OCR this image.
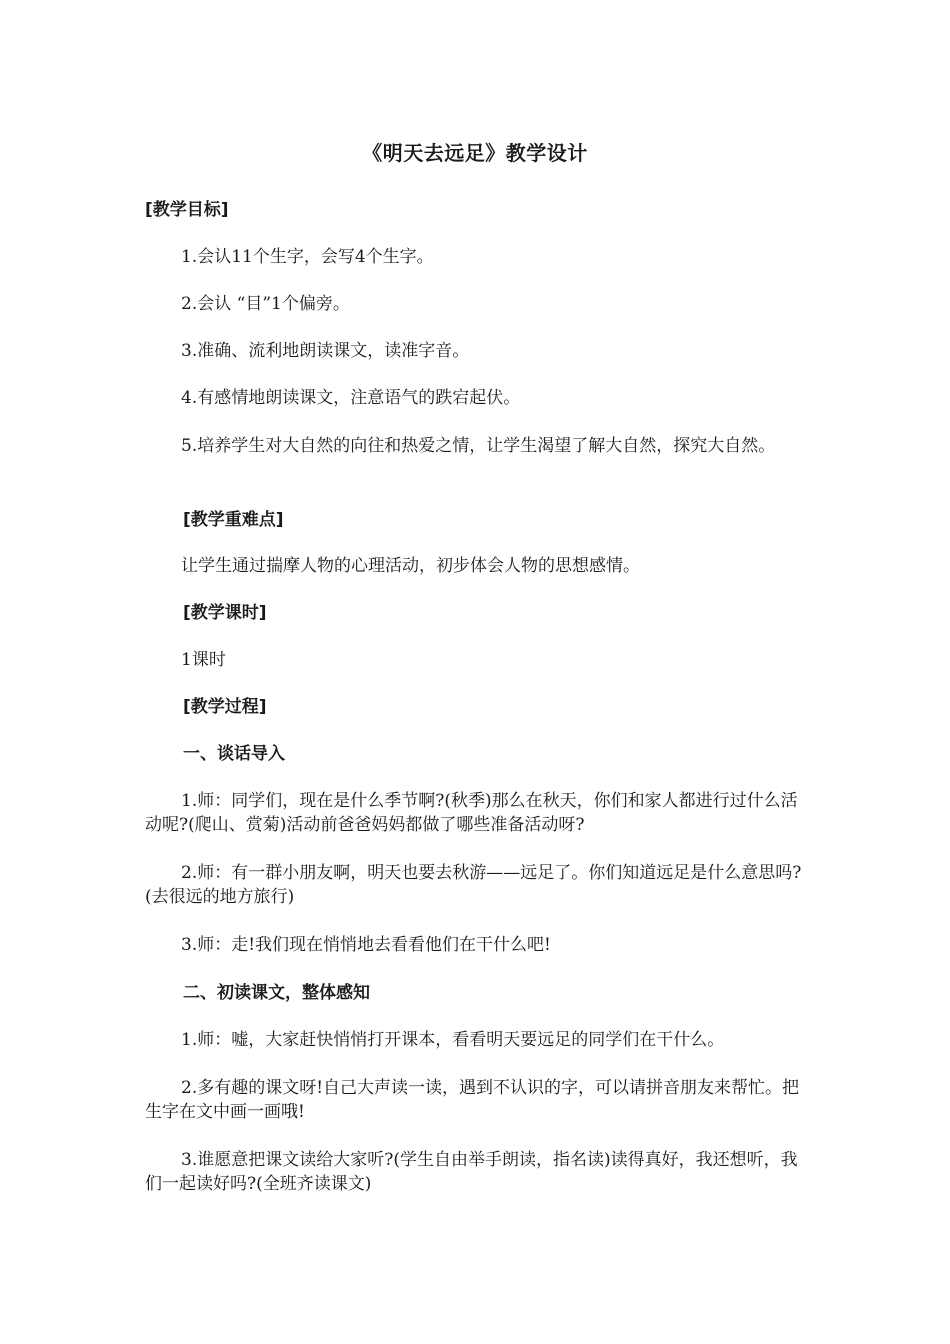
《明天去远足》教学设计
[教学目标]
1.会认11个生字，会写4个生字。
2.会认 “目”1个偏旁。
3.准确、流利地朗读课文，读准字音。
4.有感情地朗读课文，注意语气的跌宕起伏。
5.培养学生对大自然的向往和热爱之情，让学生渴望了解大自然，探究大自然。
[教学重难点]
让学生通过揣摩人物的心理活动，初步体会人物的思想感情。
[教学课时]
1课时
[教学过程]
一、谈话导入
1.师：同学们，现在是什么季节啊?(秋季)那么在秋天，你们和家人都进行过什么活动呢?(爬山、赏菊)活动前爸爸妈妈都做了哪些准备活动呀?
2.师：有一群小朋友啊，明天也要去秋游——远足了。你们知道远足是什么意思吗?(去很远的地方旅行)
3.师：走!我们现在悄悄地去看看他们在干什么吧!
二、初读课文，整体感知
1.师：嘘，大家赶快悄悄打开课本，看看明天要远足的同学们在干什么。
2.多有趣的课文呀!自己大声读一读，遇到不认识的字，可以请拼音朋友来帮忙。把生字在文中画一画哦!
3.谁愿意把课文读给大家听?(学生自由举手朗读，指名读)读得真好，我还想听，我们一起读好吗?(全班齐读课文)
